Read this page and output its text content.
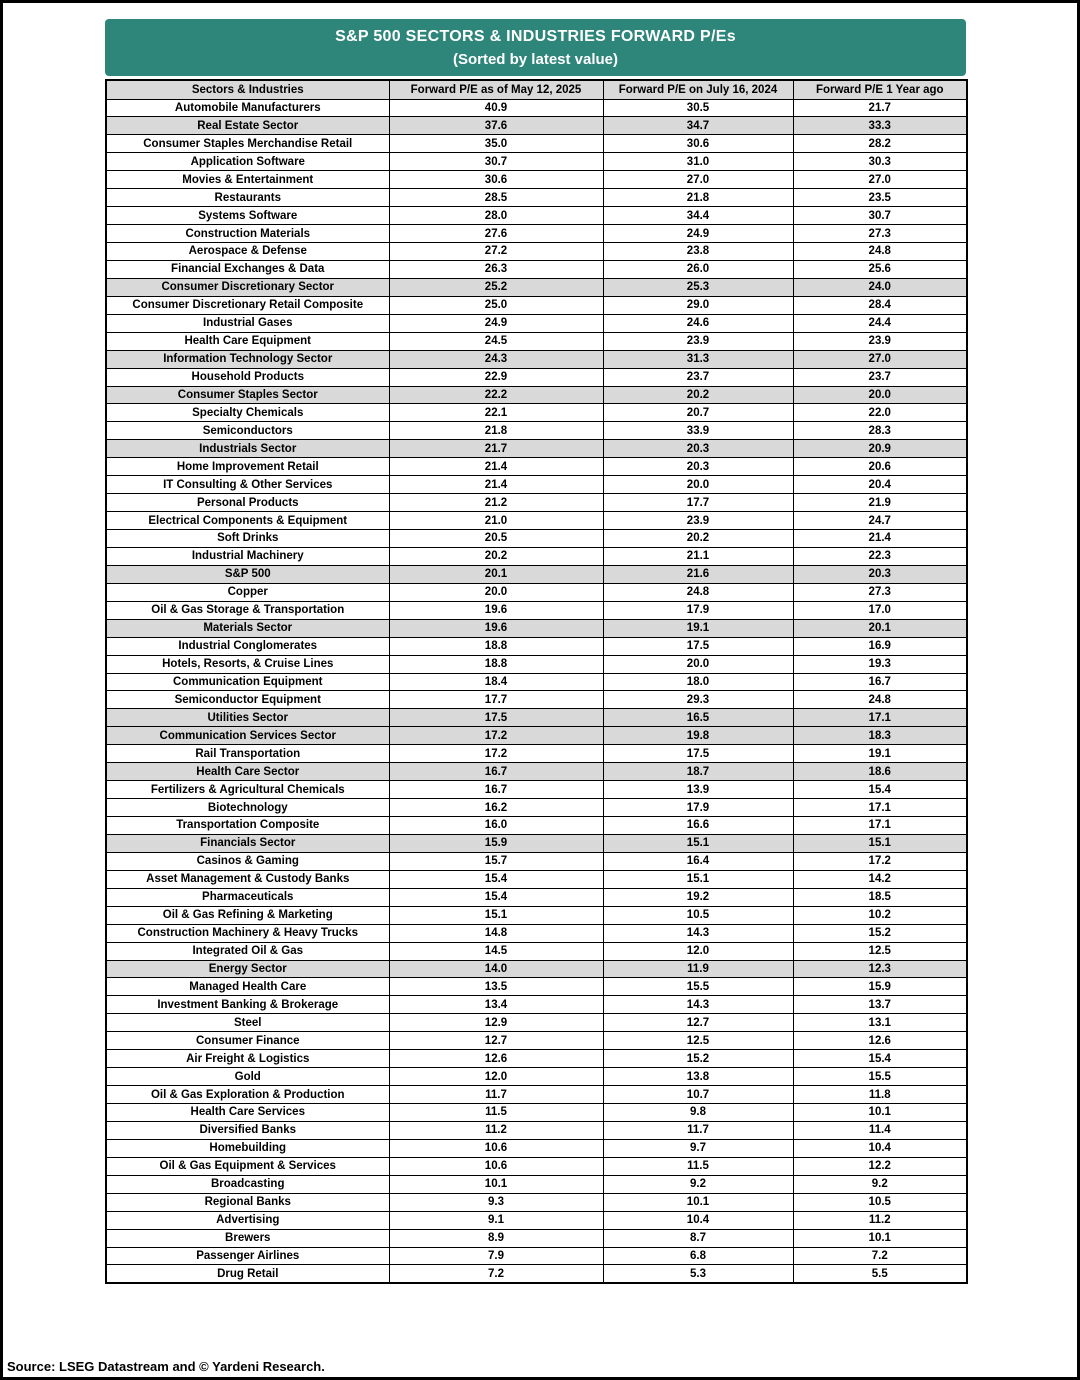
S&P 500 SECTORS & INDUSTRIES FORWARD P/Es
(Sorted by latest value)
Sectors & Industries	Forward P/E as of May 12, 2025	Forward P/E on July 16, 2024	Forward P/E 1 Year ago
Automobile Manufacturers	40.9	30.5	21.7
Real Estate Sector	37.6	34.7	33.3
Consumer Staples Merchandise Retail	35.0	30.6	28.2
Application Software	30.7	31.0	30.3
Movies & Entertainment	30.6	27.0	27.0
Restaurants	28.5	21.8	23.5
Systems Software	28.0	34.4	30.7
Construction Materials	27.6	24.9	27.3
Aerospace & Defense	27.2	23.8	24.8
Financial Exchanges & Data	26.3	26.0	25.6
Consumer Discretionary Sector	25.2	25.3	24.0
Consumer Discretionary Retail Composite	25.0	29.0	28.4
Industrial Gases	24.9	24.6	24.4
Health Care Equipment	24.5	23.9	23.9
Information Technology Sector	24.3	31.3	27.0
Household Products	22.9	23.7	23.7
Consumer Staples Sector	22.2	20.2	20.0
Specialty Chemicals	22.1	20.7	22.0
Semiconductors	21.8	33.9	28.3
Industrials Sector	21.7	20.3	20.9
Home Improvement Retail	21.4	20.3	20.6
IT Consulting & Other Services	21.4	20.0	20.4
Personal Products	21.2	17.7	21.9
Electrical Components & Equipment	21.0	23.9	24.7
Soft Drinks	20.5	20.2	21.4
Industrial Machinery	20.2	21.1	22.3
S&P 500	20.1	21.6	20.3
Copper	20.0	24.8	27.3
Oil & Gas Storage & Transportation	19.6	17.9	17.0
Materials Sector	19.6	19.1	20.1
Industrial Conglomerates	18.8	17.5	16.9
Hotels, Resorts, & Cruise Lines	18.8	20.0	19.3
Communication Equipment	18.4	18.0	16.7
Semiconductor Equipment	17.7	29.3	24.8
Utilities Sector	17.5	16.5	17.1
Communication Services Sector	17.2	19.8	18.3
Rail Transportation	17.2	17.5	19.1
Health Care Sector	16.7	18.7	18.6
Fertilizers & Agricultural Chemicals	16.7	13.9	15.4
Biotechnology	16.2	17.9	17.1
Transportation Composite	16.0	16.6	17.1
Financials Sector	15.9	15.1	15.1
Casinos & Gaming	15.7	16.4	17.2
Asset Management & Custody Banks	15.4	15.1	14.2
Pharmaceuticals	15.4	19.2	18.5
Oil & Gas Refining & Marketing	15.1	10.5	10.2
Construction Machinery & Heavy Trucks	14.8	14.3	15.2
Integrated Oil & Gas	14.5	12.0	12.5
Energy Sector	14.0	11.9	12.3
Managed Health Care	13.5	15.5	15.9
Investment Banking & Brokerage	13.4	14.3	13.7
Steel	12.9	12.7	13.1
Consumer Finance	12.7	12.5	12.6
Air Freight & Logistics	12.6	15.2	15.4
Gold	12.0	13.8	15.5
Oil & Gas Exploration & Production	11.7	10.7	11.8
Health Care Services	11.5	9.8	10.1
Diversified Banks	11.2	11.7	11.4
Homebuilding	10.6	9.7	10.4
Oil & Gas Equipment & Services	10.6	11.5	12.2
Broadcasting	10.1	9.2	9.2
Regional Banks	9.3	10.1	10.5
Advertising	9.1	10.4	11.2
Brewers	8.9	8.7	10.1
Passenger Airlines	7.9	6.8	7.2
Drug Retail	7.2	5.3	5.5
Source: LSEG Datastream and © Yardeni Research.
